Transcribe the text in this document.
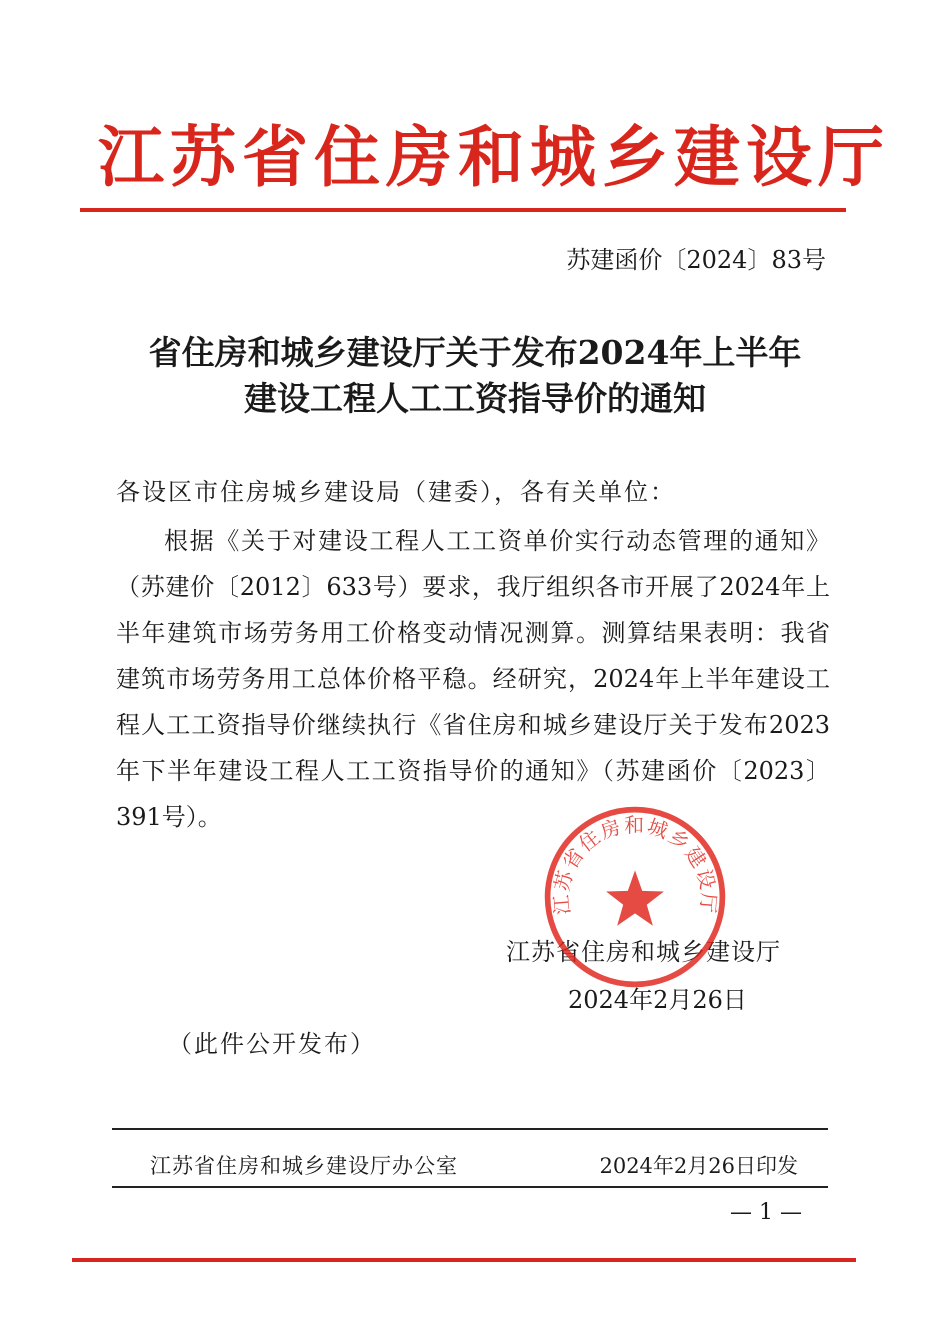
江苏省住房和城乡建设厅
苏建函价〔2024〕83号
省住房和城乡建设厅关于发布2024年上半年
建设工程人工工资指导价的通知
各设区市住房城乡建设局（建委），各有关单位：
根据《关于对建设工程人工工资单价实行动态管理的通知》
（苏建价〔2012〕633号）要求，我厅组织各市开展了2024年上
半年建筑市场劳务用工价格变动情况测算。测算结果表明：我省
建筑市场劳务用工总体价格平稳。经研究，2024年上半年建设工
程人工工资指导价继续执行《省住房和城乡建设厅关于发布2023
年下半年建设工程人工工资指导价的通知》（苏建函价〔2023〕
391号）。
江苏省住房和城乡建设厅
2024年2月26日
江苏省住房和城乡建设厅
（此件公开发布）
江苏省住房和城乡建设厅办公室	2024年2月26日印发
— 1 —
